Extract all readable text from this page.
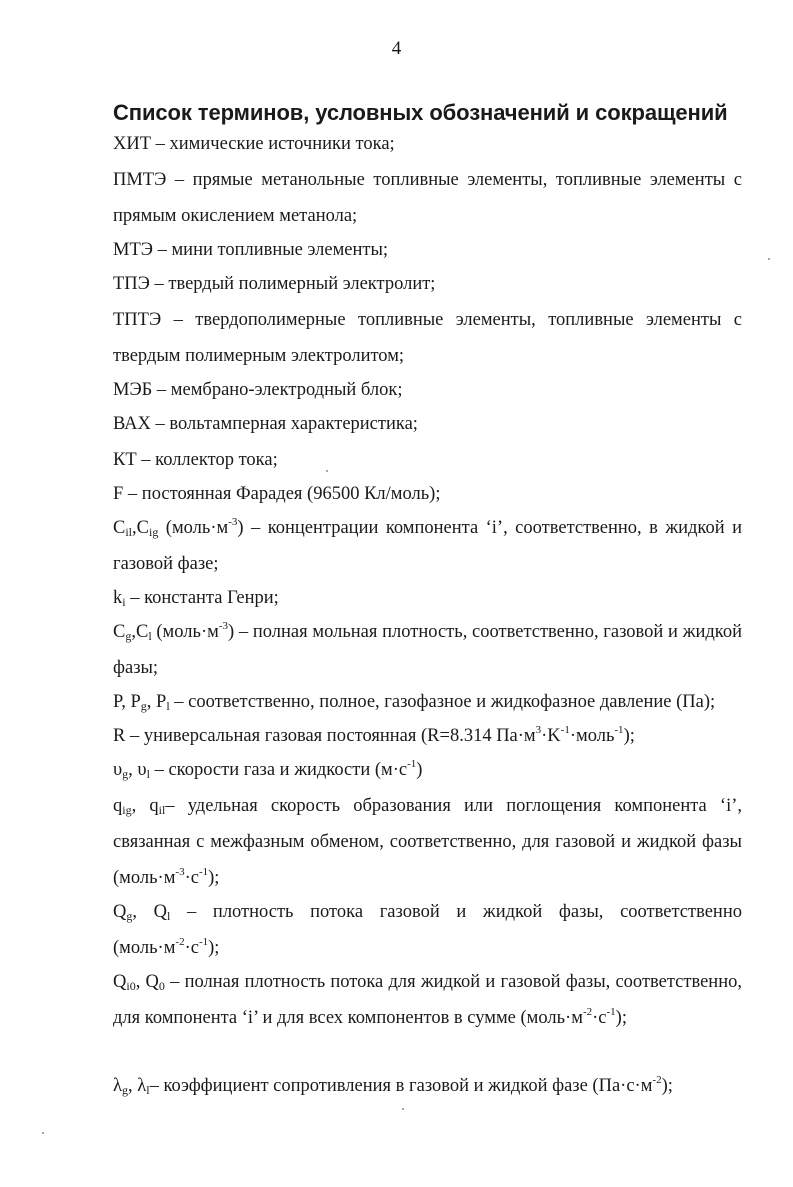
4
Список терминов, условных обозначений и сокращений
ХИТ – химические источники тока;
ПМТЭ – прямые метанольные топливные элементы, топливные элементы с прямым окислением метанола;
МТЭ – мини топливные элементы;
ТПЭ – твердый полимерный электролит;
ТПТЭ – твердополимерные топливные элементы, топливные элементы с твердым полимерным электролитом;
МЭБ – мембрано-электродный блок;
ВАХ – вольтамперная характеристика;
КТ – коллектор тока;
F – постоянная Фарадея (96500 Кл/моль);
$C_{il},C_{ig}$ $(моль\cdot м^{-3})$ – концентрации компонента ‘i’, соответственно, в жидкой и газовой фазе;
$k_i$ – константа Генри;
$C_g,C_l$ $(моль\cdot м^{-3})$ – полная мольная плотность, соответственно, газовой и жидкой фазы;
P, $P_g$, $P_l$ – соответственно, полное, газофазное и жидкофазное давление (Па);
R – универсальная газовая постоянная (R=8.314 $Па\cdot м^3\cdot K^{-1}\cdot моль^{-1}$);
$\upsilon_g$, $\upsilon_l$ – скорости газа и жидкости $(м\cdot с^{-1})$
$q_{ig}$, $q_{il}-$ удельная скорость образования или поглощения компонента ‘i’, связанная с межфазным обменом, соответственно, для газовой и жидкой фазы $(моль\cdot м^{-3}\cdot с^{-1})$;
$Q_g$, $Q_l$ – плотность потока газовой и жидкой фазы, соответственно $(моль\cdot м^{-2}\cdot с^{-1})$;
$Q_{i0}$, $Q_0$ – полная плотность потока для жидкой и газовой фазы, соответственно, для компонента ‘i’ и для всех компонентов в сумме $(моль\cdot м^{-2}\cdot с^{-1})$;
$\lambda_g$, $\lambda_l-$ коэффициент сопротивления в газовой и жидкой фазе $(Па\cdot с\cdot м^{-2})$;
